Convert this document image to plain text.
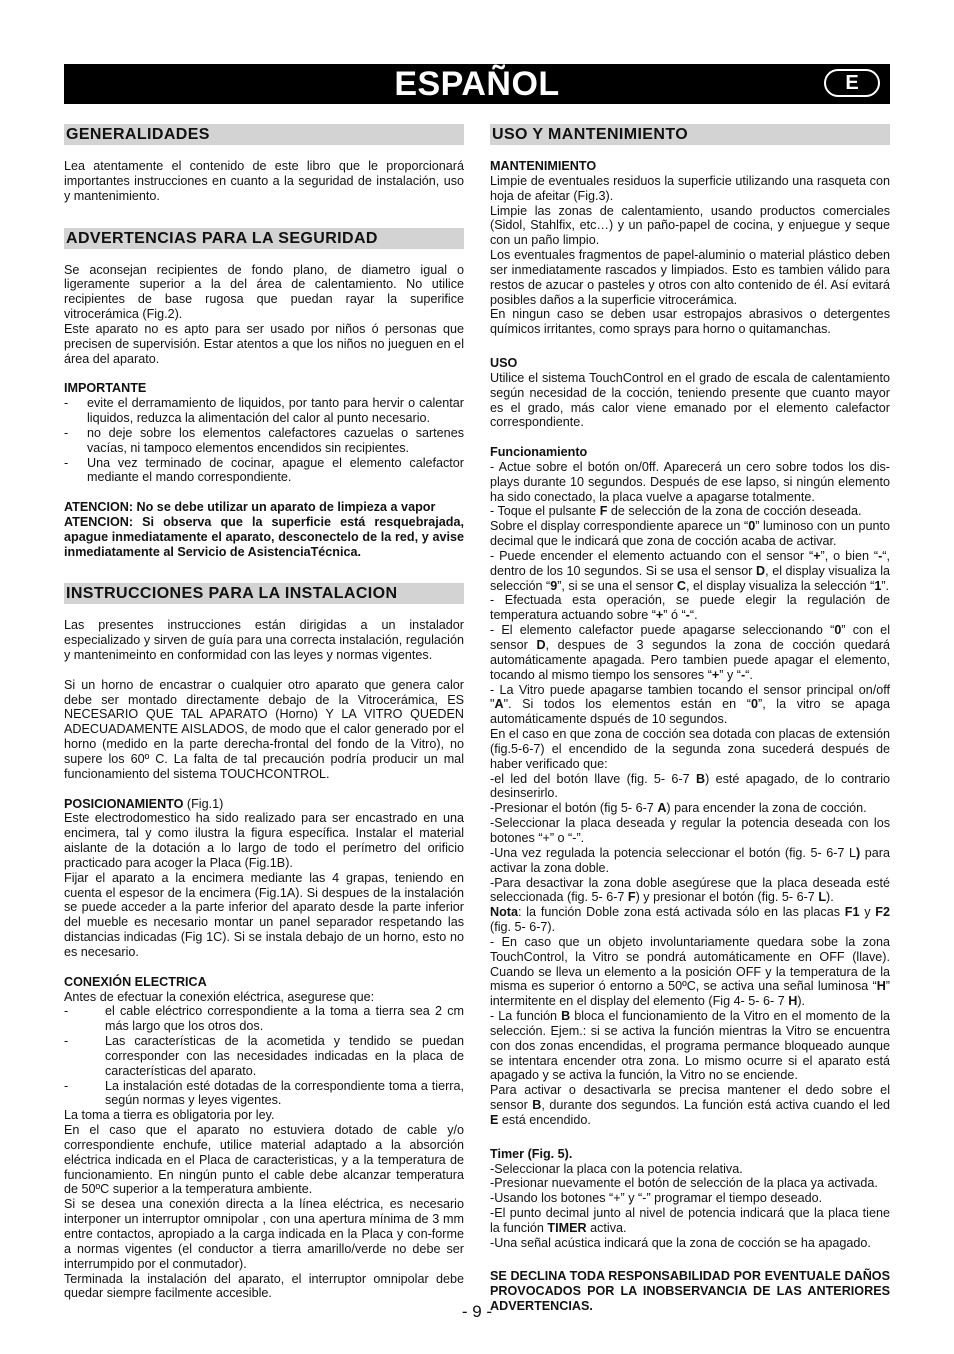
ESPAÑOL	E
GENERALIDADES

Lea atentamente el contenido de este libro que le proporcionará importantes instrucciones en cuanto a la seguridad de instalación, uso y mantenimiento.

ADVERTENCIAS PARA LA SEGURIDAD

Se aconsejan recipientes de fondo plano, de diametro igual o ligeramente superior a la del área de calentamiento. No utilice recipientes de base rugosa que puedan rayar la superifice vitrocerámica (Fig.2).

Este aparato no es apto para ser usado por niños ó personas que precisen de supervisión. Estar atentos a que los niños no jueguen en el área del aparato.

IMPORTANTE

- evite el derramamiento de liquidos, por tanto para hervir o calentar liquidos, reduzca la alimentación del calor al punto necesario.
- no deje sobre los elementos calefactores cazuelas o sartenes vacías, ni tampoco elementos encendidos sin recipientes.
- Una vez terminado de cocinar, apague el elemento calefactor mediante el mando correspondiente.

ATENCION: No se debe utilizar un aparato de limpieza a vapor

ATENCION: Si observa que la superficie está resquebrajada, apague inmediatamente el aparato, desconectelo de la red, y avise inmediatamente al Servicio de AsistenciaTécnica.

INSTRUCCIONES PARA LA INSTALACION

Las presentes instrucciones están dirigidas a un instalador especializado y sirven de guía para una correcta instalación, regulación y mantenimeinto en conformidad con las leyes y normas vigentes.

Si un horno de encastrar o cualquier otro aparato que genera calor debe ser montado directamente debajo de la Vitrocerámica, ES NECESARIO QUE TAL APARATO (Horno) Y LA VITRO QUEDEN ADECUADAMENTE AISLADOS, de modo que el calor generado por el horno (medido en la parte derecha-frontal del fondo de la Vitro), no supere los 60º C. La falta de tal precaución podría producir un mal funcionamiento del sistema TOUCHCONTROL.

POSICIONAMIENTO (Fig.1)

Este electrodomestico ha sido realizado para ser encastrado en una encimera, tal y como ilustra la figura específica. Instalar el material aislante de la dotación a lo largo de todo el perímetro del orificio practicado para acoger la Placa (Fig.1B).

Fijar el aparato a la encimera mediante las 4 grapas, teniendo en cuenta el espesor de la encimera (Fig.1A). Si despues de la instalación se puede acceder a la parte inferior del aparato desde la parte inferior del mueble es necesario montar un panel separador respetando las distancias indicadas (Fig 1C). Si se instala debajo de un horno, esto no es necesario.

CONEXIÓN ELECTRICA

Antes de efectuar la conexión eléctrica, asegurese que:

- el cable eléctrico correspondiente a la toma a tierra sea 2 cm más largo que los otros dos.
- Las características de la acometida y tendido se puedan corresponder con las necesidades indicadas en la placa de características del aparato.
- La instalación esté dotadas de la correspondiente toma a tierra, según normas y leyes vigentes.

La toma a tierra es obligatoria por ley.

En el caso que el aparato no estuviera dotado de cable y/o correspondiente enchufe, utilice material adaptado a la absorción eléctrica indicada en el Placa de caracteristicas, y a la temperatura de funcionamiento. En ningún punto el cable debe alcanzar temperatura de 50ºC superior a la temperatura ambiente.

Si se desea una conexión directa a la línea eléctrica, es necesario interponer un interruptor omnipolar , con una apertura mínima de 3 mm entre contactos, apropiado a la carga indicada en la Placa y con-forme a normas vigentes (el conductor a tierra amarillo/verde no debe ser interrumpido por el conmutador).

Terminada la instalación del aparato, el interruptor omnipolar debe quedar siempre facilmente accesible.

USO Y MANTENIMIENTO

MANTENIMIENTO

Limpie de eventuales residuos la superficie utilizando una rasqueta con hoja de afeitar (Fig.3).

Limpie las zonas de calentamiento, usando productos comerciales (Sidol, Stahlfix, etc…) y un paño-papel de cocina, y enjuegue y seque con un paño limpio.

Los eventuales fragmentos de papel-aluminio o material plástico deben ser inmediatamente rascados y limpiados. Esto es tambien válido para restos de azucar o pasteles y otros con alto contenido de él. Así evitará posibles daños a la superficie vitrocerámica.

En ningun caso se deben usar estropajos abrasivos o detergentes químicos irritantes, como sprays para horno o quitamanchas.

USO

Utilice el sistema TouchControl en el grado de escala de calentamiento según necesidad de la cocción, teniendo presente que cuanto mayor es el grado, más calor viene emanado por el elemento calefactor correspondiente.

Funcionamiento

- Actue sobre el botón on/0ff. Aparecerá un cero sobre todos los dis-plays durante 10 segundos. Después de ese lapso, si ningún elemento ha sido conectado, la placa vuelve a apagarse totalmente.

- Toque el pulsante F de selección de la zona de cocción deseada.

Sobre el display correspondiente aparece un “0” luminoso con un punto decimal que le indicará que zona de cocción acaba de activar.

- Puede encender el elemento actuando con el sensor “+”, o bien “-“, dentro de los 10 segundos. Si se usa el sensor D, el display visualiza la selección “9”, si se una el sensor C, el display visualiza la selección “1”.

- Efectuada esta operación, se puede elegir la regulación de temperatura actuando sobre “+” ó “-“.

- El elemento calefactor puede apagarse seleccionando “0” con el sensor D, despues de 3 segundos la zona de cocción quedará automáticamente apagada. Pero tambien puede apagar el elemento, tocando al mismo tiempo los sensores “+” y “-“.

- La Vitro puede apagarse tambien tocando el sensor principal on/off "A". Si todos los elementos están en “0”, la vitro se apaga automáticamente dspués de 10 segundos.

En el caso en que zona de cocción sea dotada con placas de extensión (fig.5-6-7) el encendido de la segunda zona sucederá después de haber verificado que:

-el led del botón llave (fig. 5- 6-7 B) esté apagado, de lo contrario desinserirlo.

-Presionar el botón (fig 5- 6-7 A) para encender la zona de cocción.

-Seleccionar la placa deseada y regular la potencia deseada con los botones “+” o “-”.

-Una vez regulada la potencia seleccionar el botón (fig. 5- 6-7 L) para activar la zona doble.

-Para desactivar la zona doble asegúrese que la placa deseada esté seleccionada (fig. 5- 6-7 F) y presionar el botón (fig. 5- 6-7 L).

Nota: la función Doble zona está activada sólo en las placas F1 y F2 (fig. 5- 6-7).

- En caso que un objeto involuntariamente quedara sobe la zona TouchControl, la Vitro se pondrá automáticamente en OFF (llave). Cuando se lleva un elemento a la posición OFF y la temperatura de la misma es superior ó entorno a 50ºC, se activa una señal luminosa “H” intermitente en el display del elemento (Fig 4- 5- 6- 7 H).

- La función B bloca el funcionamiento de la Vitro en el momento de la selección. Ejem.: si se activa la función mientras la Vitro se encuentra con dos zonas encendidas, el programa permance bloqueado aunque se intentara encender otra zona. Lo mismo ocurre si el aparato está apagado y se activa la función, la Vitro no se enciende.

Para activar o desactivarla se precisa mantener el dedo sobre el sensor B, durante dos segundos. La función está activa cuando el led E está encendido.

Timer (Fig. 5).

-Seleccionar la placa con la potencia relativa.

-Presionar nuevamente el botón de selección de la placa ya activada.

-Usando los botones “+” y “-” programar el tiempo deseado.

-El punto decimal junto al nivel de potencia indicará que la placa tiene la función TIMER activa.

-Una señal acústica indicará que la zona de cocción se ha apagado.

SE DECLINA TODA RESPONSABILIDAD POR EVENTUALE DAÑOS PROVOCADOS POR LA INOBSERVANCIA DE LAS ANTERIORES ADVERTENCIAS.

- 9 -
